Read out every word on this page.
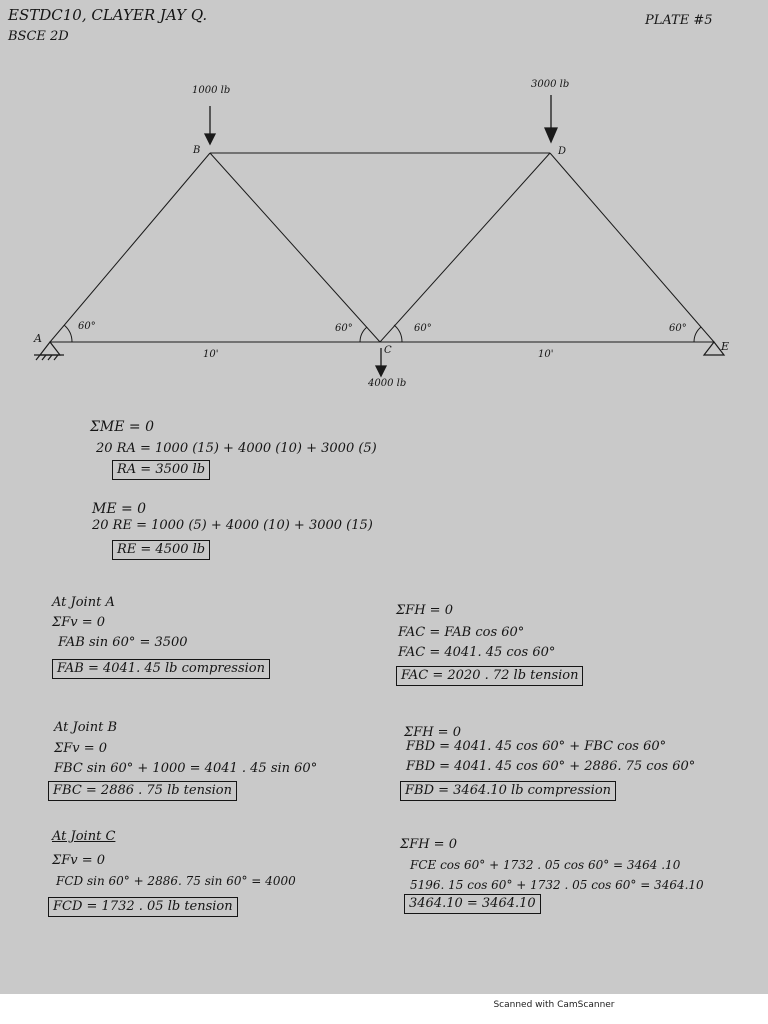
ESTDC10, CLAYER JAY Q.
BSCE 2D
PLATE #5
1000 lb
3000 lb
4000 lb
A
B
C
D
E
60°	60°	60°	60°
10'	10'
ΣME = 0
20 RA = 1000 (15) + 4000 (10) + 3000 (5)
RA = 3500 lb
ME = 0
20 RE = 1000 (5) + 4000 (10) + 3000 (15)
RE = 4500 lb
At Joint A
ΣFv = 0
FAB sin 60° = 3500
FAB = 4041. 45 lb compression
ΣFH = 0
FAC = FAB cos 60°
FAC = 4041. 45 cos 60°
FAC = 2020 . 72 lb tension
At Joint B
ΣFv = 0
FBC sin 60° + 1000 = 4041 . 45 sin 60°
FBC = 2886 . 75 lb tension
ΣFH = 0
FBD = 4041. 45 cos 60° + FBC cos 60°
FBD = 4041. 45 cos 60° + 2886. 75 cos 60°
FBD = 3464.10 lb compression
At Joint C
ΣFv = 0
FCD sin 60° + 2886. 75 sin 60° = 4000
FCD = 1732 . 05 lb tension
ΣFH = 0
FCE cos 60° + 1732 . 05 cos 60° = 3464 .10
5196. 15 cos 60° + 1732 . 05 cos 60° = 3464.10
3464.10 = 3464.10
Scanned with CamScanner
